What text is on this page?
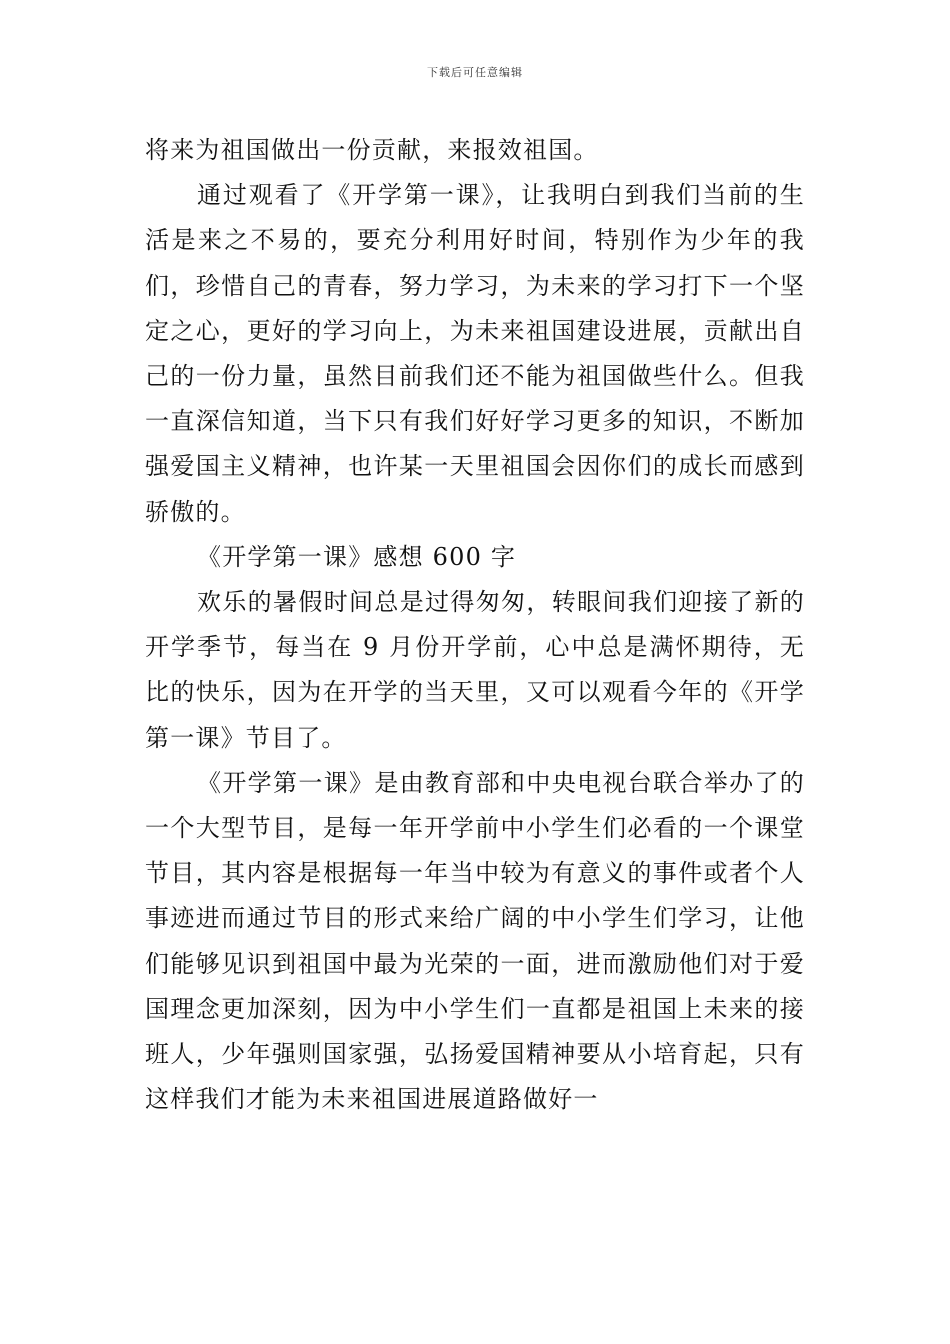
下载后可任意编辑

将来为祖国做出一份贡献，来报效祖国。

通过观看了《开学第一课》，让我明白到我们当前的生活是来之不易的，要充分利用好时间，特别作为少年的我们，珍惜自己的青春，努力学习，为未来的学习打下一个坚定之心，更好的学习向上，为未来祖国建设进展，贡献出自己的一份力量，虽然目前我们还不能为祖国做些什么。但我一直深信知道，当下只有我们好好学习更多的知识，不断加强爱国主义精神，也许某一天里祖国会因你们的成长而感到骄傲的。

《开学第一课》感想 600 字

欢乐的暑假时间总是过得匆匆，转眼间我们迎接了新的开学季节，每当在 9 月份开学前，心中总是满怀期待，无比的快乐，因为在开学的当天里，又可以观看今年的《开学第一课》节目了。

《开学第一课》是由教育部和中央电视台联合举办了的一个大型节目，是每一年开学前中小学生们必看的一个课堂节目，其内容是根据每一年当中较为有意义的事件或者个人事迹进而通过节目的形式来给广阔的中小学生们学习，让他们能够见识到祖国中最为光荣的一面，进而激励他们对于爱国理念更加深刻，因为中小学生们一直都是祖国上未来的接班人，少年强则国家强，弘扬爱国精神要从小培育起，只有这样我们才能为未来祖国进展道路做好一
